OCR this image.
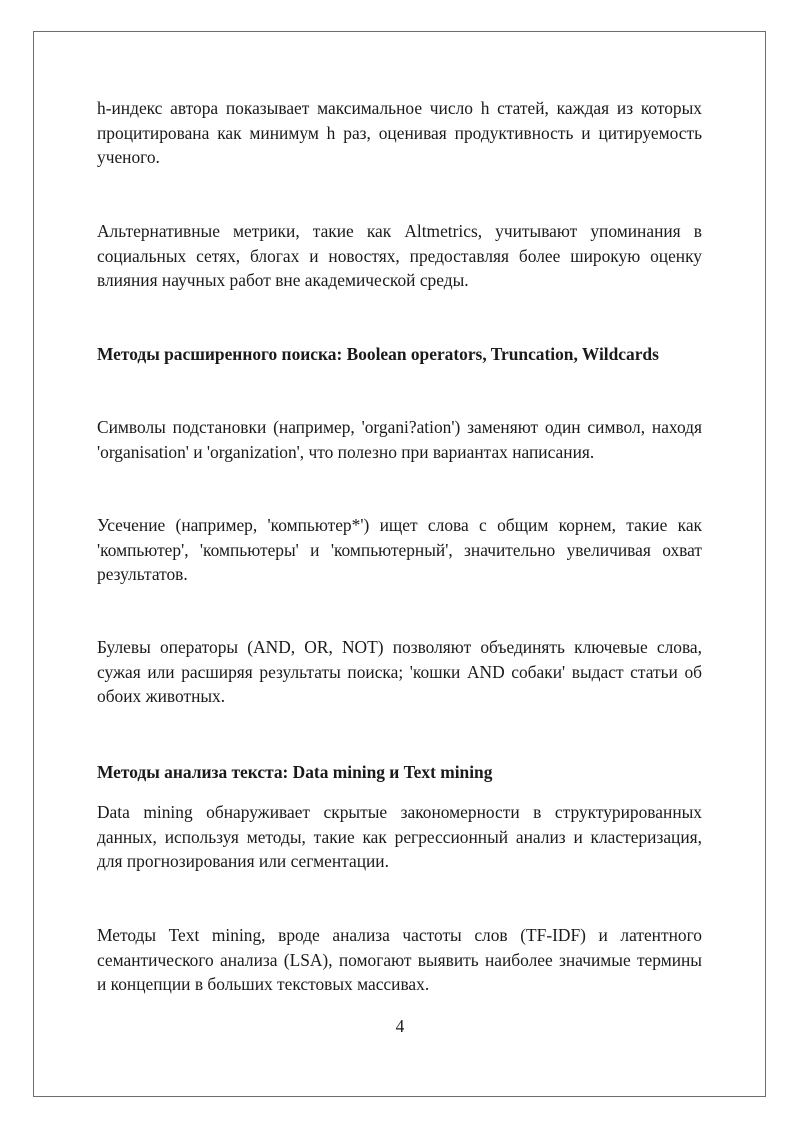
h-индекс автора показывает максимальное число h статей, каждая из которых процитирована как минимум h раз, оценивая продуктивность и цитируемость ученого.

Альтернативные метрики, такие как Altmetrics, учитывают упоминания в социальных сетях, блогах и новостях, предоставляя более широкую оценку влияния научных работ вне академической среды.

Методы расширенного поиска: Boolean operators, Truncation, Wildcards

Символы подстановки (например, 'organi?ation') заменяют один символ, находя 'organisation' и 'organization', что полезно при вариантах написания.

Усечение (например, 'компьютер*') ищет слова с общим корнем, такие как 'компьютер', 'компьютеры' и 'компьютерный', значительно увеличивая охват результатов.

Булевы операторы (AND, OR, NOT) позволяют объединять ключевые слова, сужая или расширяя результаты поиска; 'кошки AND собаки' выдаст статьи об обоих животных.

Методы анализа текста: Data mining и Text mining

Data mining обнаруживает скрытые закономерности в структурированных данных, используя методы, такие как регрессионный анализ и кластеризация, для прогнозирования или сегментации.

Методы Text mining, вроде анализа частоты слов (TF-IDF) и латентного семантического анализа (LSA), помогают выявить наиболее значимые термины и концепции в больших текстовых массивах.

4
